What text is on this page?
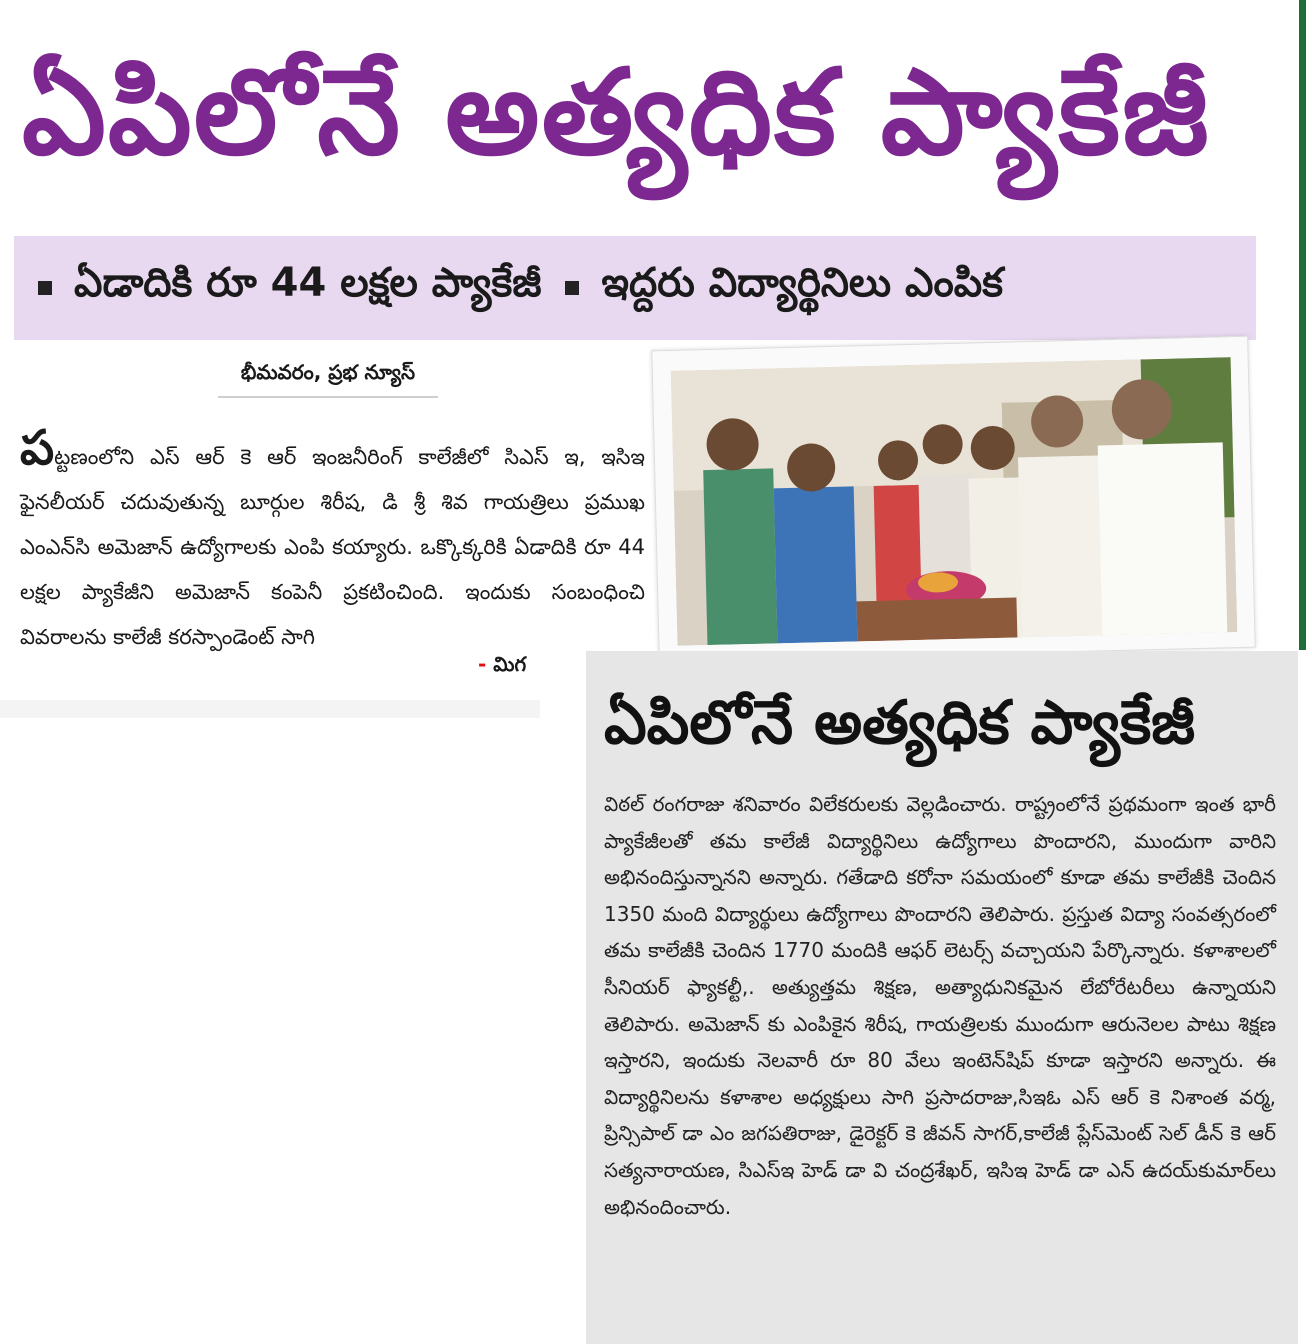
ఏపిలోనే అత్యధిక ప్యాకేజీ
ఏడాదికి రూ 44 లక్షల ప్యాకేజీ ఇద్దరు విద్యార్థినిలు ఎంపిక
భీమవరం, ప్రభ న్యూస్
పట్టణంలోని ఎస్ ఆర్ కె ఆర్ ఇంజనీరింగ్ కాలేజీలో సిఎస్ ఇ, ఇసిఇ ఫైనలీయర్ చదువుతున్న బూర్గుల శిరీష, డి శ్రీ శివ గాయత్రిలు ప్రముఖ ఎంఎన్‌సి అమెజాన్ ఉద్యోగాలకు ఎంపి కయ్యారు. ఒక్కొక్కరికి ఏడాదికి రూ 44 లక్షల ప్యాకేజీని అమెజాన్ కంపెనీ ప్రకటించింది. ఇందుకు సంబంధించి వివరాలను కాలేజీ కరస్పాండెంట్ సాగి
- మిగ
ఏపిలోనే అత్యధిక ప్యాకేజీ
విఠల్ రంగరాజు శనివారం విలేకరులకు వెల్లడించారు. రాష్ట్రంలోనే ప్రథమంగా ఇంత భారీ ప్యాకేజీలతో తమ కాలేజీ విద్యార్థినిలు ఉద్యోగాలు పొందారని, ముందుగా వారిని అభినందిస్తున్నానని అన్నారు. గతేడాది కరోనా సమయంలో కూడా తమ కాలేజీకి చెందిన 1350 మంది విద్యార్థులు ఉద్యోగాలు పొందారని తెలిపారు. ప్రస్తుత విద్యా సంవత్సరంలో తమ కాలేజీకి చెందిన 1770 మందికి ఆఫర్ లెటర్స్ వచ్చాయని పేర్కొన్నారు. కళాశాలలో సీనియర్ ఫ్యాకల్టీ,. అత్యుత్తమ శిక్షణ, అత్యాధునికమైన లేబోరేటరీలు ఉన్నాయని తెలిపారు. అమెజాన్ కు ఎంపికైన శిరీష, గాయత్రిలకు ముందుగా ఆరునెలల పాటు శిక్షణ ఇస్తారని, ఇందుకు నెలవారీ రూ 80 వేలు ఇంటెన్‌షిప్ కూడా ఇస్తారని అన్నారు. ఈ విద్యార్థినిలను కళాశాల అధ్యక్షులు సాగి ప్రసాదరాజు,సిఇఓ ఎస్ ఆర్ కె నిశాంత వర్మ, ప్రిన్సిపాల్ డా ఎం జగపతిరాజు, డైరెక్టర్ కె జీవన్ సాగర్,కాలేజీ ప్లేస్‌మెంట్ సెల్ డీన్ కె ఆర్ సత్యనారాయణ, సిఎస్ఇ హెడ్ డా వి చంద్రశేఖర్, ఇసిఇ హెడ్ డా ఎన్ ఉదయ్‌కుమార్‌లు అభినందించారు.
